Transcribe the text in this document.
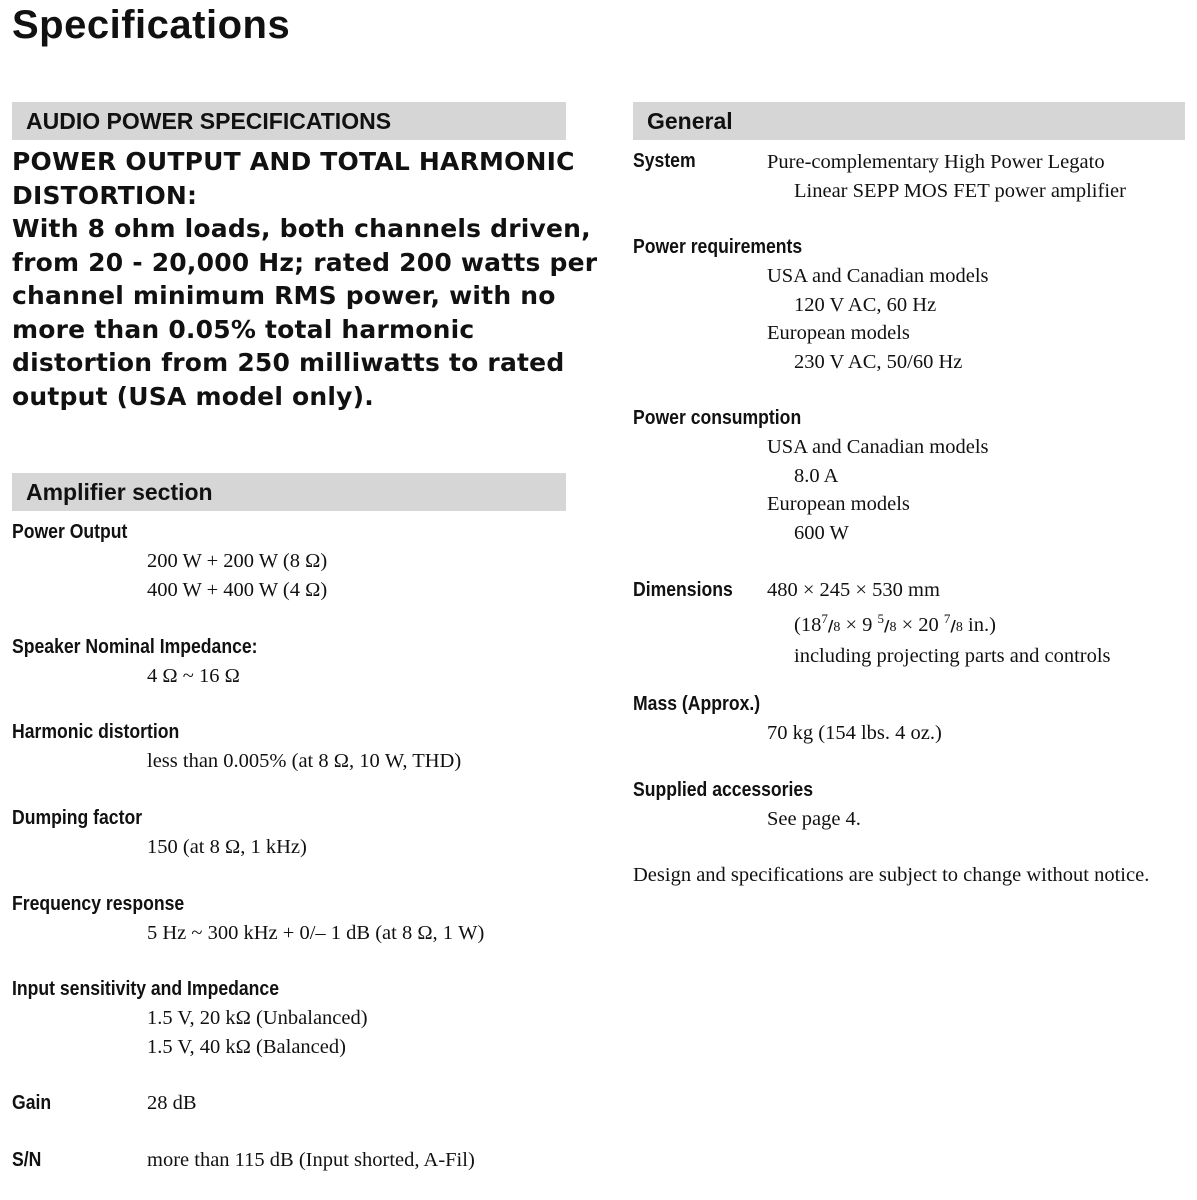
Specifications
AUDIO POWER SPECIFICATIONS
POWER OUTPUT AND TOTAL HARMONIC
DISTORTION:
With 8 ohm loads, both channels driven,
from 20 - 20,000 Hz; rated 200 watts per
channel minimum RMS power, with no
more than 0.05% total harmonic
distortion from 250 milliwatts to rated
output (USA model only).
Amplifier section
Power Output
200 W + 200 W (8 Ω)
400 W + 400 W (4 Ω)
Speaker Nominal Impedance:
4 Ω ~ 16 Ω
Harmonic distortion
less than 0.005% (at 8 Ω, 10 W, THD)
Dumping factor
150 (at 8 Ω, 1 kHz)
Frequency response
5 Hz ~ 300 kHz + 0/– 1 dB (at 8 Ω, 1 W)
Input sensitivity and Impedance
1.5 V, 20 kΩ (Unbalanced)
1.5 V, 40 kΩ (Balanced)
Gain	28 dB
S/N	more than 115 dB (Input shorted, A-Fil)
General
System	Pure-complementary High Power Legato
Linear SEPP MOS FET power amplifier
Power requirements
USA and Canadian models
120 V AC, 60 Hz
European models
230 V AC, 50/60 Hz
Power consumption
USA and Canadian models
8.0 A
European models
600 W
Dimensions 480 × 245 × 530 mm
($18^7/8 \times 9$ $^5$/8 × 20 $^7$/8 in.)
including projecting parts and controls
Mass (Approx.)
70 kg (154 lbs. 4 oz.)
Supplied accessories
See page 4.
Design and specifications are subject to change without notice.
